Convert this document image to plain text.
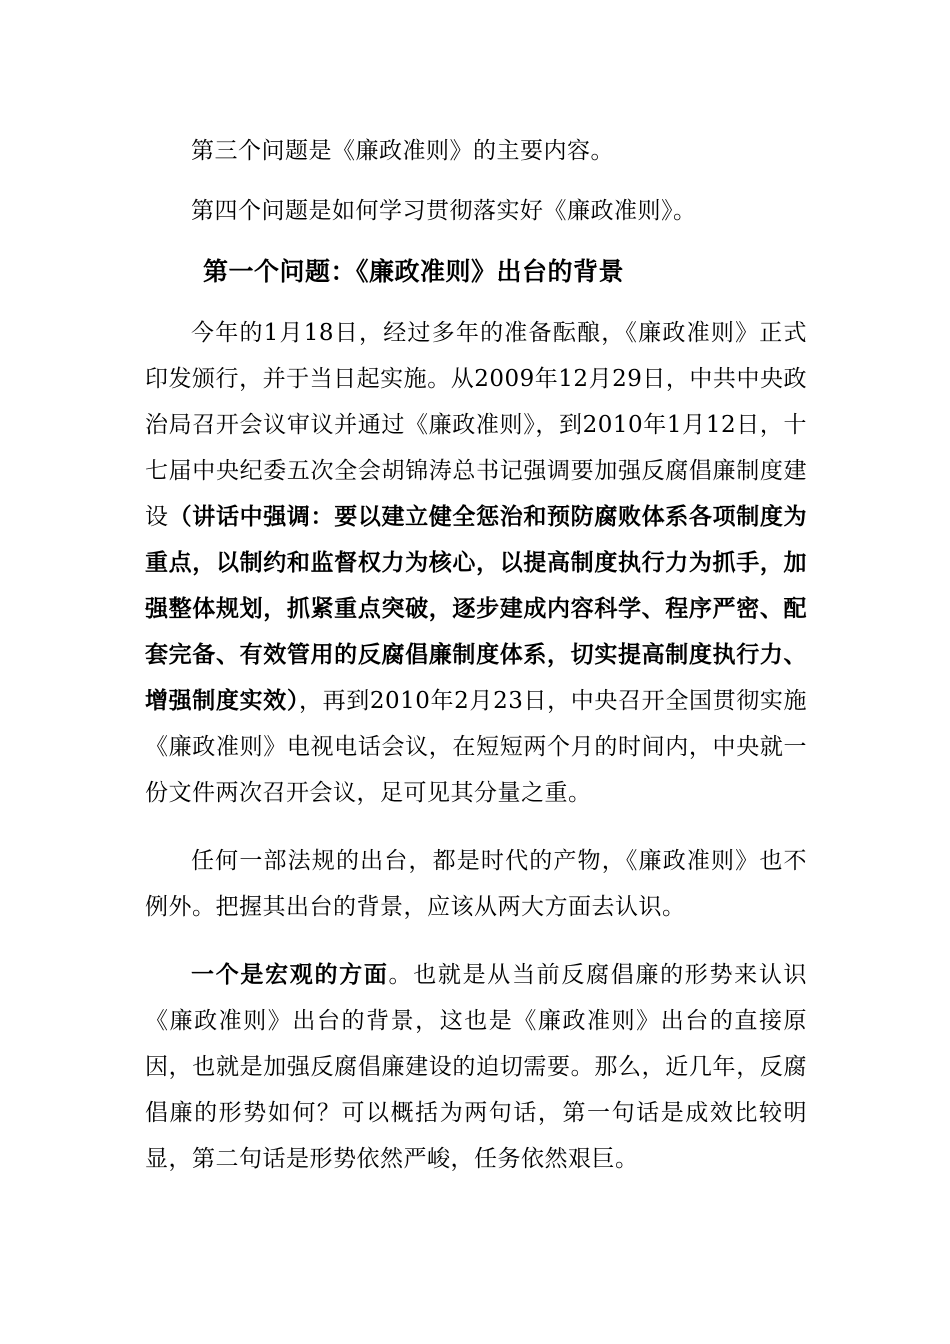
第三个问题是《廉政准则》的主要内容。

第四个问题是如何学习贯彻落实好《廉政准则》。

第一个问题：《廉政准则》出台的背景

今年的1月18日，经过多年的准备酝酿，《廉政准则》正式印发颁行，并于当日起实施。从2009年12月29日，中共中央政治局召开会议审议并通过《廉政准则》，到2010年1月12日，十七届中央纪委五次全会胡锦涛总书记强调要加强反腐倡廉制度建设（讲话中强调：要以建立健全惩治和预防腐败体系各项制度为重点，以制约和监督权力为核心，以提高制度执行力为抓手，加强整体规划，抓紧重点突破，逐步建成内容科学、程序严密、配套完备、有效管用的反腐倡廉制度体系，切实提高制度执行力、增强制度实效），再到2010年2月23日，中央召开全国贯彻实施《廉政准则》电视电话会议，在短短两个月的时间内，中央就一份文件两次召开会议，足可见其分量之重。

任何一部法规的出台，都是时代的产物，《廉政准则》也不例外。把握其出台的背景，应该从两大方面去认识。

一个是宏观的方面。也就是从当前反腐倡廉的形势来认识《廉政准则》出台的背景，这也是《廉政准则》出台的直接原因，也就是加强反腐倡廉建设的迫切需要。那么，近几年，反腐倡廉的形势如何？可以概括为两句话，第一句话是成效比较明显，第二句话是形势依然严峻，任务依然艰巨。
